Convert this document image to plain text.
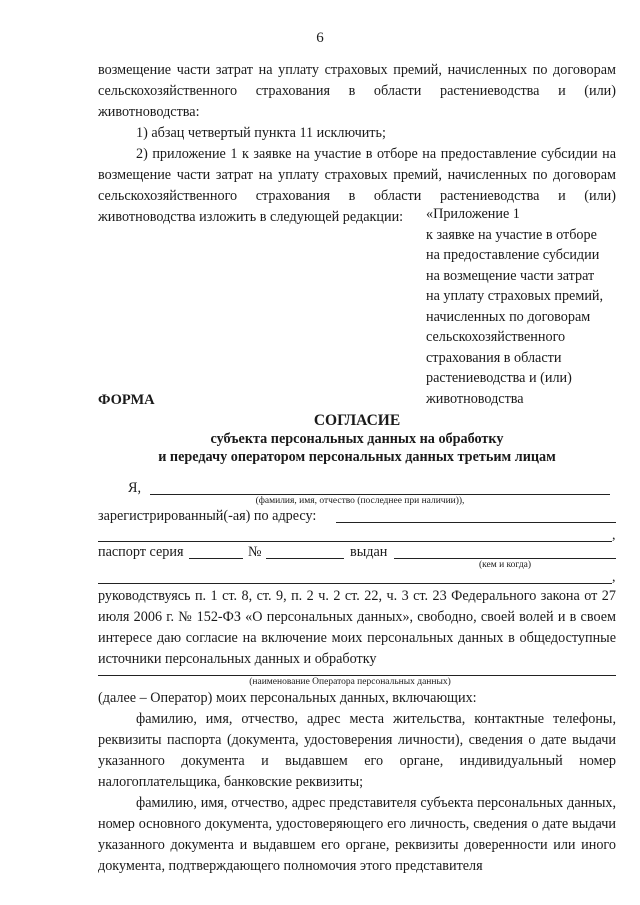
6

возмещение части затрат на уплату страховых премий, начисленных по договорам сельскохозяйственного страхования в области растениеводства и (или) животноводства:

1) абзац четвертый пункта 11 исключить;

2) приложение 1 к заявке на участие в отборе на предоставление субсидии на возмещение части затрат на уплату страховых премий, начисленных по договорам сельскохозяйственного страхования в области растениеводства и (или) животноводства изложить в следующей редакции:	«Приложение 1
к заявке на участие в отборе
на предоставление субсидии
на возмещение части затрат
на уплату страховых премий,
начисленных по договорам
сельскохозяйственного
страхования в области
растениеводства и (или)
животноводства
ФОРМА
СОГЛАСИЕ
субъекта персональных данных на обработку
и передачу оператором персональных данных третьим лицам
Я,
(фамилия, имя, отчество (последнее при наличии)),
зарегистрированный(-ая) по адресу:
,
паспорт серия	№	выдан
(кем и когда)
,
руководствуясь п. 1 ст. 8, ст. 9, п. 2 ч. 2 ст. 22, ч. 3 ст. 23 Федерального закона от 27 июля 2006 г. № 152-ФЗ «О персональных данных», свободно, своей волей и в своем интересе даю согласие на включение моих персональных данных в общедоступные источники персональных данных и обработку
(наименование Оператора персональных данных)

(далее – Оператор) моих персональных данных, включающих:

фамилию, имя, отчество, адрес места жительства, контактные телефоны, реквизиты паспорта (документа, удостоверения личности), сведения о дате выдачи указанного документа и выдавшем его органе, индивидуальный номер налогоплательщика, банковские реквизиты;

фамилию, имя, отчество, адрес представителя субъекта персональных данных, номер основного документа, удостоверяющего его личность, сведения о дате выдачи указанного документа и выдавшем его органе, реквизиты доверенности или иного документа, подтверждающего полномочия этого представителя
